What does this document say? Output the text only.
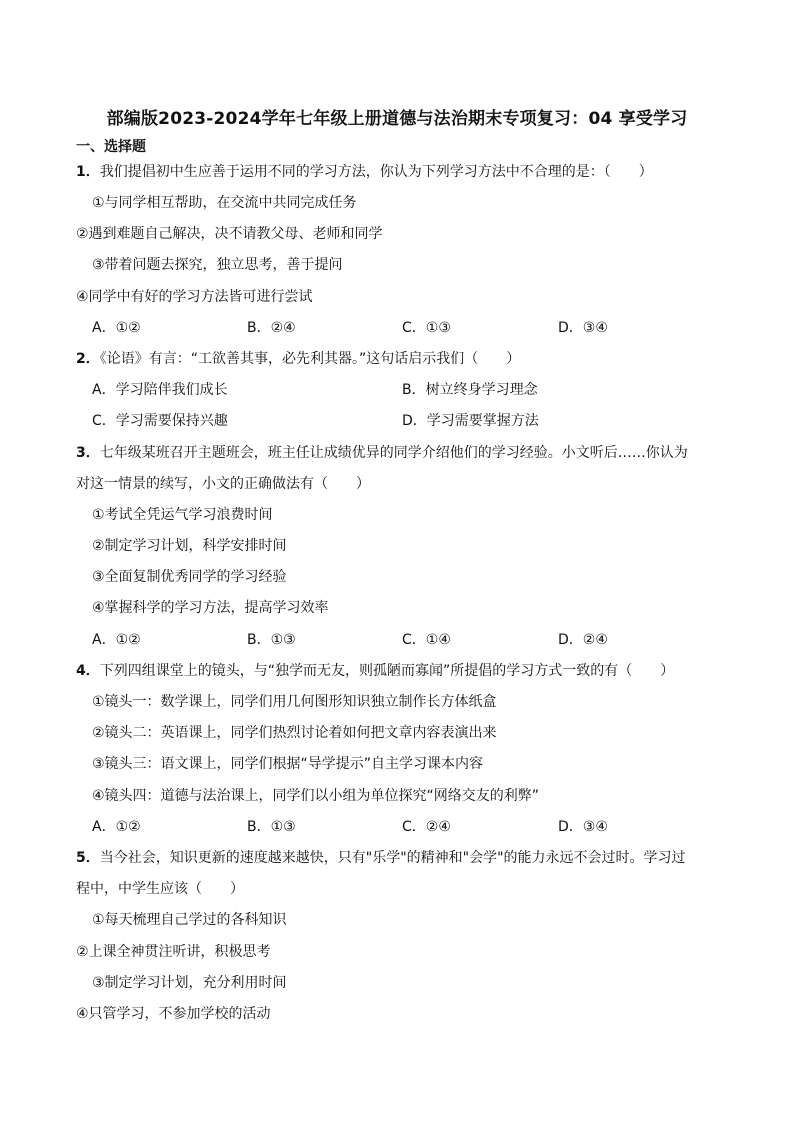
部编版2023-2024学年七年级上册道德与法治期末专项复习：04 享受学习
一、选择题
1．我们提倡初中生应善于运用不同的学习方法，你认为下列学习方法中不合理的是：（　　）
①与同学相互帮助，在交流中共同完成任务
②遇到难题自己解决，决不请教父母、老师和同学
③带着问题去探究，独立思考，善于提问
④同学中有好的学习方法皆可进行尝试
A．①②	B．②④	C．①③	D．③④
2．《论语》有言：“工欲善其事，必先利其器。”这句话启示我们（　　）
A．学习陪伴我们成长	B．树立终身学习理念
C．学习需要保持兴趣	D．学习需要掌握方法
3．七年级某班召开主题班会，班主任让成绩优异的同学介绍他们的学习经验。小文听后……你认为
对这一情景的续写，小文的正确做法有（　　）
①考试全凭运气学习浪费时间
②制定学习计划，科学安排时间
③全面复制优秀同学的学习经验
④掌握科学的学习方法，提高学习效率
A．①②	B．①③	C．①④	D．②④
4．下列四组课堂上的镜头，与“独学而无友，则孤陋而寡闻”所提倡的学习方式一致的有（　　）
①镜头一：数学课上，同学们用几何图形知识独立制作长方体纸盒
②镜头二：英语课上，同学们热烈讨论着如何把文章内容表演出来
③镜头三：语文课上，同学们根据“导学提示”自主学习课本内容
④镜头四：道德与法治课上，同学们以小组为单位探究“网络交友的利弊”
A．①②	B．①③	C．②④	D．③④
5．当今社会，知识更新的速度越来越快，只有"乐学"的精神和"会学"的能力永远不会过时。学习过
程中，中学生应该（　　）
①每天梳理自己学过的各科知识
②上课全神贯注听讲，积极思考
③制定学习计划，充分利用时间
④只管学习，不参加学校的活动
